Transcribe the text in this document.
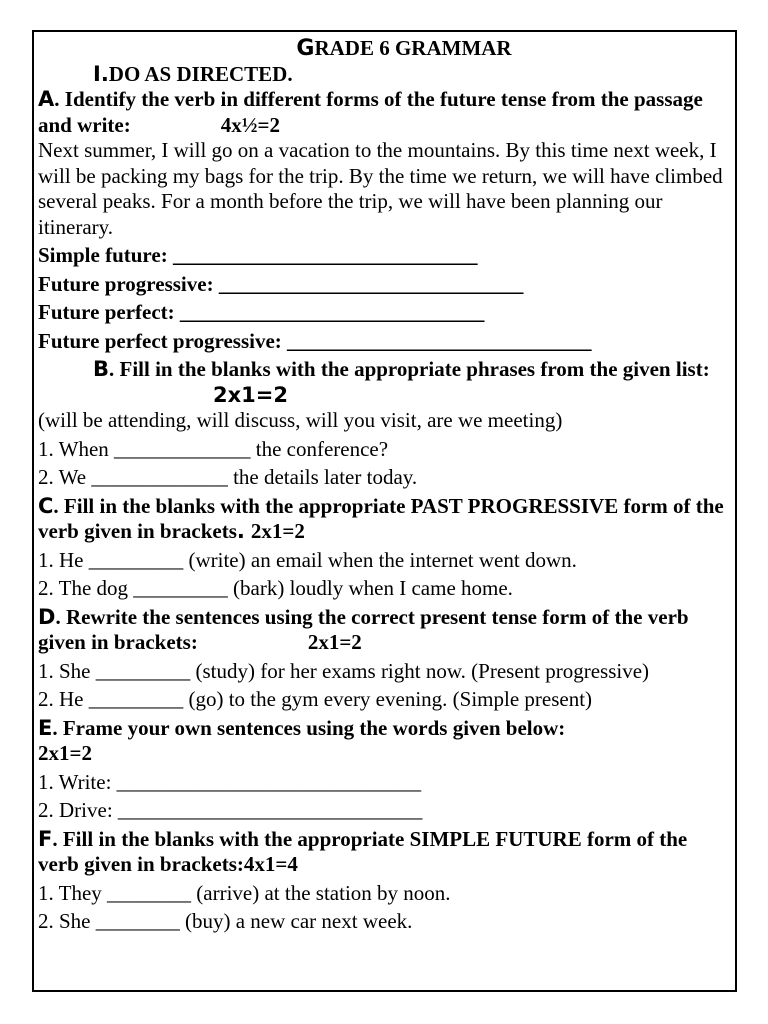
GRADE 6 GRAMMAR
I.DO AS DIRECTED.
A. Identify the verb in different forms of the future tense from the passage and write:	4x½=2
Next summer, I will go on a vacation to the mountains. By this time next week, I will be packing my bags for the trip. By the time we return, we will have climbed several peaks. For a month before the trip, we will have been planning our itinerary.
Simple future: _____________________________
Future progressive: _____________________________
Future perfect: _____________________________
Future perfect progressive: _____________________________
B. Fill in the blanks with the appropriate phrases from the given list:2x1=2
(will be attending, will discuss, will you visit, are we meeting)
1. When _____________ the conference?
2. We _____________ the details later today.
C. Fill in the blanks with the appropriate PAST PROGRESSIVE form of the verb given in brackets. 2x1=2
1. He _________ (write) an email when the internet went down.
2. The dog _________ (bark) loudly when I came home.
D. Rewrite the sentences using the correct present tense form of the verb given in brackets:	2x1=2
1. She _________ (study) for her exams right now. (Present progressive)
2. He _________ (go) to the gym every evening. (Simple present)
E. Frame your own sentences using the words given below:
2x1=2
1. Write: _____________________________
2. Drive: _____________________________
F. Fill in the blanks with the appropriate SIMPLE FUTURE form of the verb given in brackets:4x1=4
1. They ________ (arrive) at the station by noon.
2. She ________ (buy) a new car next week.
